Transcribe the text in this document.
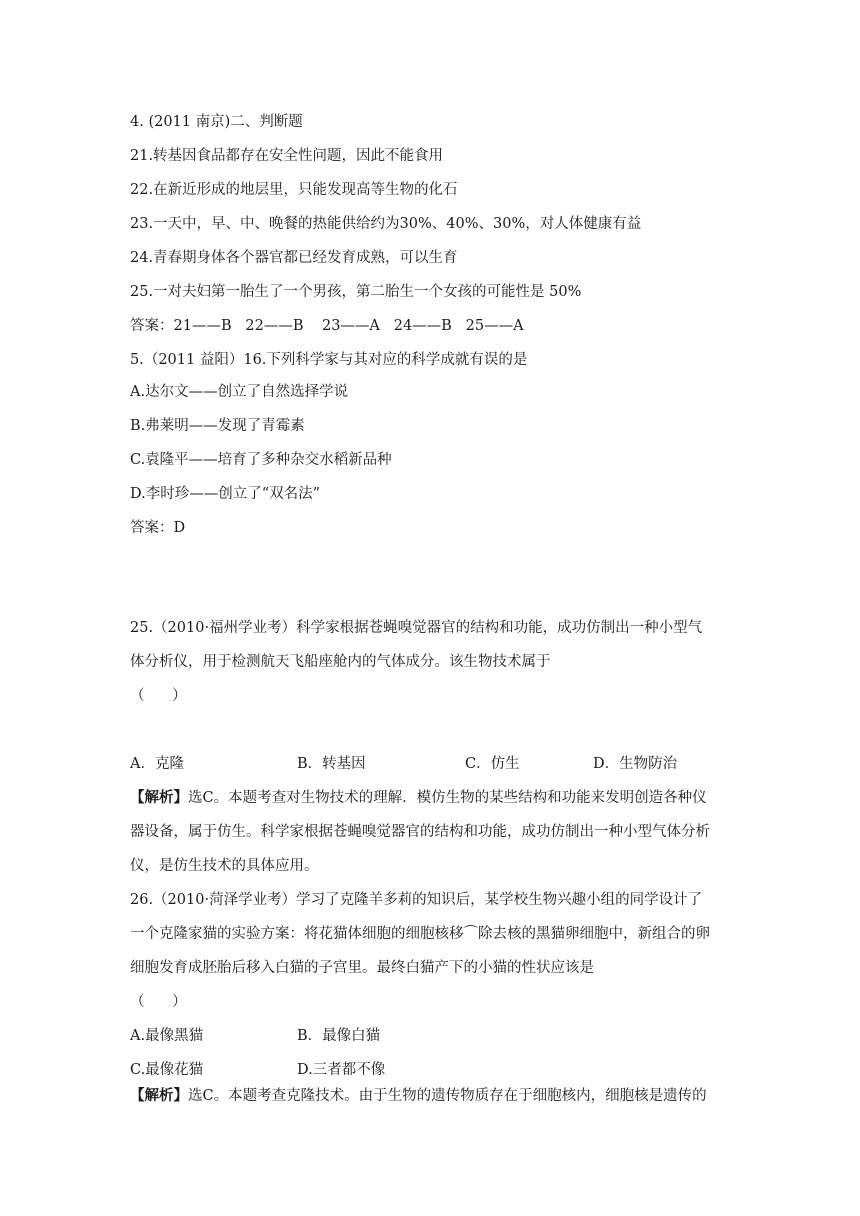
4. (2011 南京)二、判断题
21.转基因食品都存在安全性问题，因此不能食用
22.在新近形成的地层里，只能发现高等生物的化石
23.一天中，早、中、晚餐的热能供给约为30%、40%、30%，对人体健康有益
24.青春期身体各个器官都已经发育成熟，可以生育
25.一对夫妇第一胎生了一个男孩，第二胎生一个女孩的可能性是 50%
答案：21——B   22——B    23——A   24——B   25——A
5.（2011 益阳）16.下列科学家与其对应的科学成就有误的是
A.达尔文——创立了自然选择学说
B.弗莱明——发现了青霉素
C.袁隆平——培育了多种杂交水稻新品种
D.李时珍——创立了“双名法”
答案：D
25.（2010·福州学业考）科学家根据苍蝇嗅觉器官的结构和功能，成功仿制出一种小型气
体分析仪，用于检测航天飞船座舱内的气体成分。该生物技术属于
（      ）
A．克隆	B．转基因	C．仿生	D．生物防治
【解析】选C。本题考查对生物技术的理解．模仿生物的某些结构和功能来发明创造各种仪
器设备，属于仿生。科学家根据苍蝇嗅觉器官的结构和功能，成功仿制出一种小型气体分析
仪，是仿生技术的具体应用。
26.（2010·菏泽学业考）学习了克隆羊多莉的知识后，某学校生物兴趣小组的同学设计了
一个克隆家猫的实验方案：将花猫体细胞的细胞核移⌒除去核的黑猫卵细胞中，新组合的卵
细胞发育成胚胎后移入白猫的子宫里。最终白猫产下的小猫的性状应该是
（      ）
A.最像黑猫	B．最像白猫
C.最像花猫	D.三者都不像
【解析】选C。本题考查克隆技术。由于生物的遗传物质存在于细胞核内，细胞核是遗传的
